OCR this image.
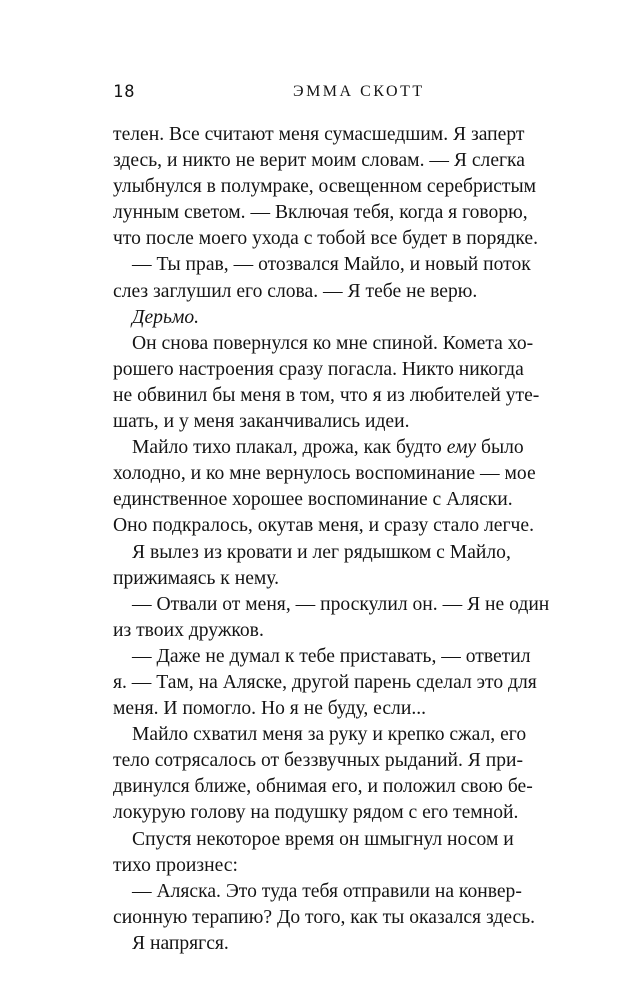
18	ЭММА СКОТТ
телен. Все считают меня сумасшедшим. Я заперт
здесь, и никто не верит моим словам. — Я слегка
улыбнулся в полумраке, освещенном серебристым
лунным светом. — Включая тебя, когда я говорю,
что после моего ухода с тобой все будет в порядке.
— Ты прав, — отозвался Майло, и новый поток
слез заглушил его слова. — Я тебе не верю.
Дерьмо.
Он снова повернулся ко мне спиной. Комета хо-
рошего настроения сразу погасла. Никто никогда
не обвинил бы меня в том, что я из любителей уте-
шать, и у меня заканчивались идеи.
Майло тихо плакал, дрожа, как будто ему было
холодно, и ко мне вернулось воспоминание — мое
единственное хорошее воспоминание с Аляски.
Оно подкралось, окутав меня, и сразу стало легче.
Я вылез из кровати и лег рядышком с Майло,
прижимаясь к нему.
— Отвали от меня, — проскулил он. — Я не один
из твоих дружков.
— Даже не думал к тебе приставать, — ответил
я. — Там, на Аляске, другой парень сделал это для
меня. И помогло. Но я не буду, если...
Майло схватил меня за руку и крепко сжал, его
тело сотрясалось от беззвучных рыданий. Я при-
двинулся ближе, обнимая его, и положил свою бе-
локурую голову на подушку рядом с его темной.
Спустя некоторое время он шмыгнул носом и
тихо произнес:
— Аляска. Это туда тебя отправили на конвер-
сионную терапию? До того, как ты оказался здесь.
Я напрягся.
